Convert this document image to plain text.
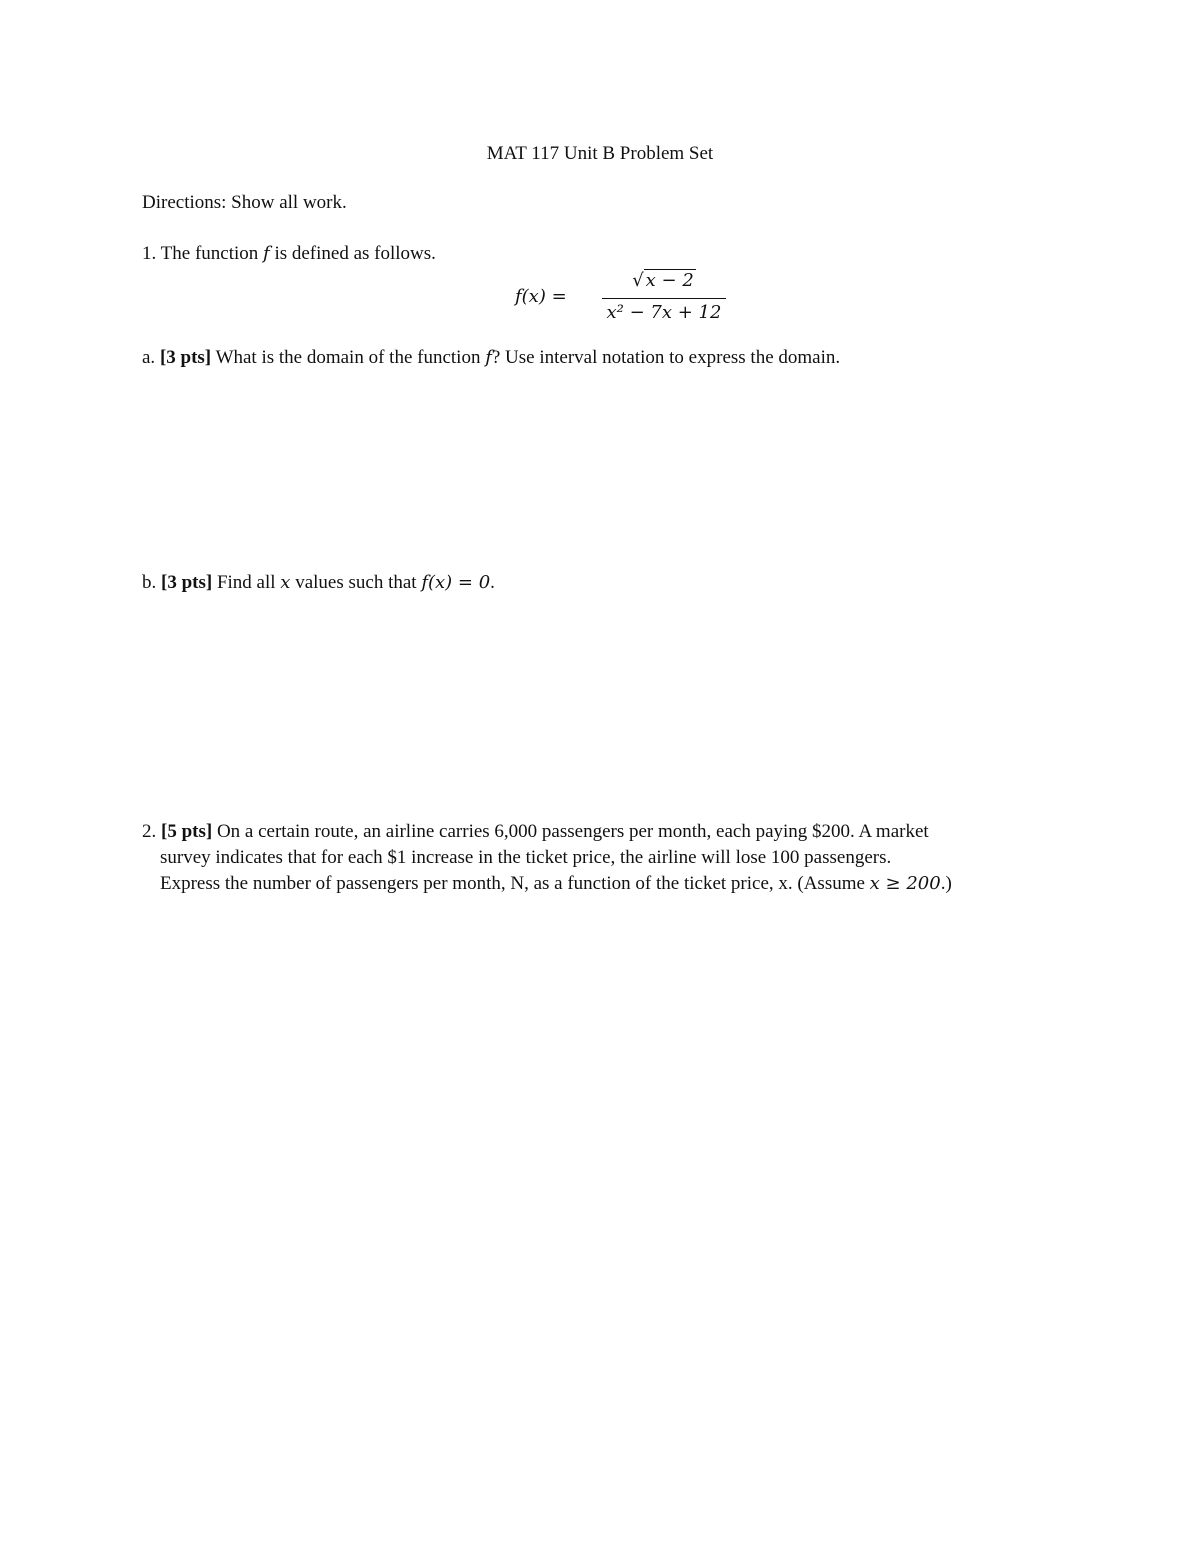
MAT 117 Unit B Problem Set
Directions: Show all work.
1. The function f is defined as follows.
f(x) =
√ x − 2
x² − 7x + 12
a. [3 pts] What is the domain of the function f? Use interval notation to express the domain.
b. [3 pts] Find all x values such that f(x) = 0.
2. [5 pts] On a certain route, an airline carries 6,000 passengers per month, each paying $200. A market
survey indicates that for each $1 increase in the ticket price, the airline will lose 100 passengers.
Express the number of passengers per month, N, as a function of the ticket price, x. (Assume x ≥ 200.)
